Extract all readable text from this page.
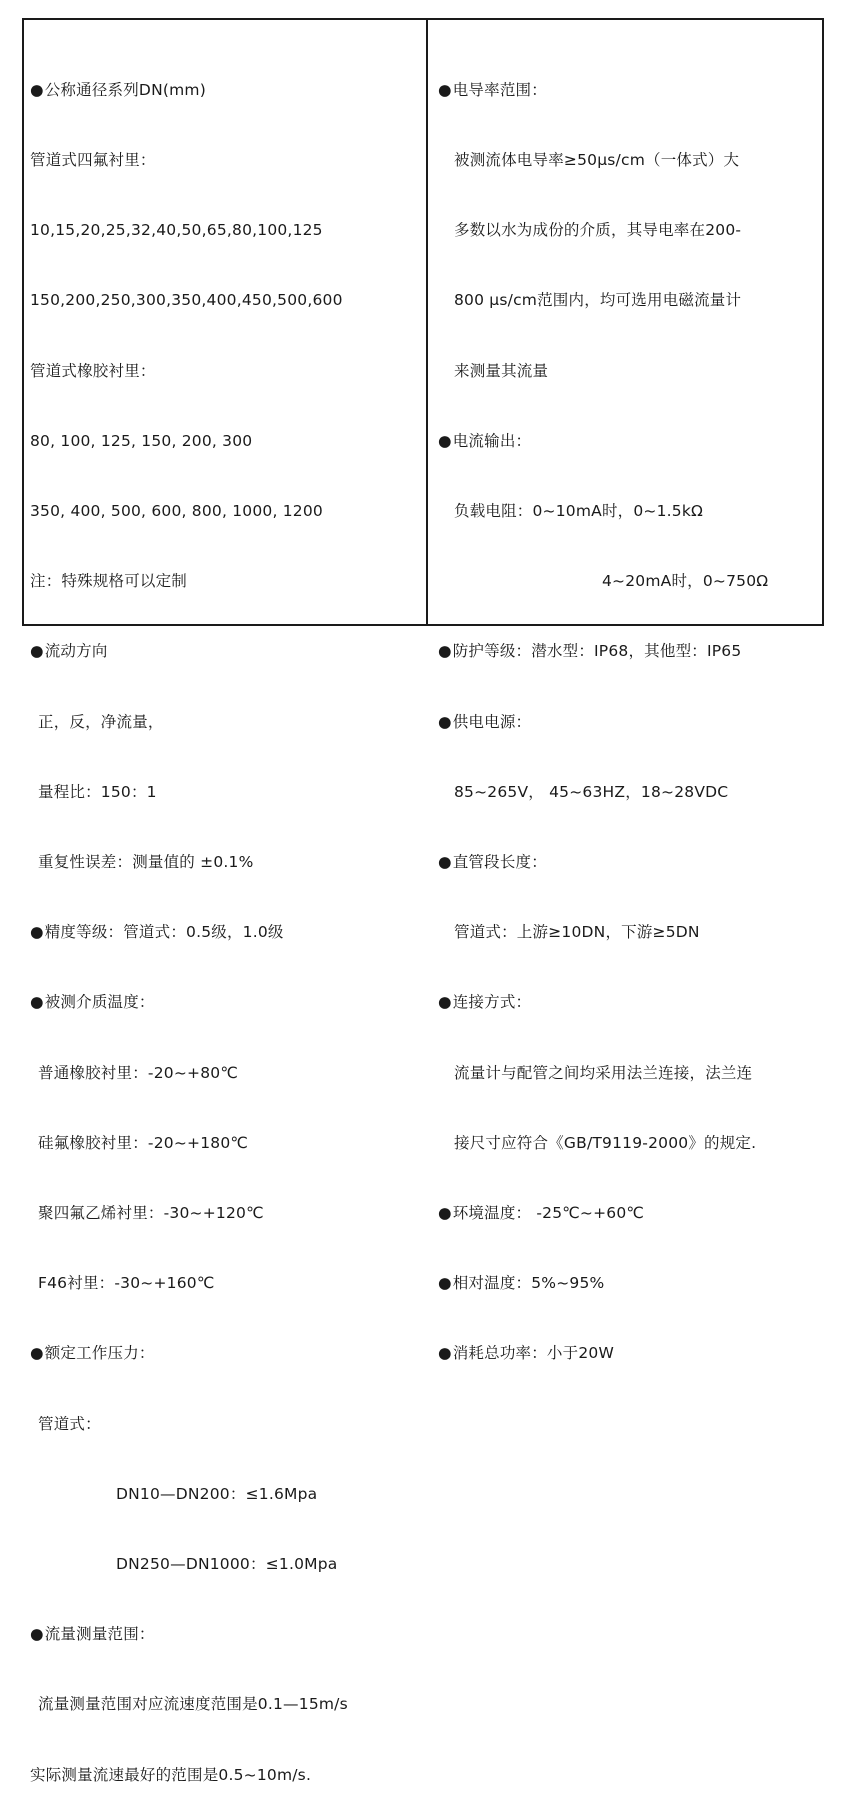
● 公称通径系列DN(mm)

管道式四氟衬里：

10,15,20,25,32,40,50,65,80,100,125

150,200,250,300,350,400,450,500,600

管道式橡胶衬里：

80, 100, 125, 150, 200, 300

350, 400, 500, 600, 800, 1000, 1200

注：特殊规格可以定制

● 流动方向

正，反，净流量，

量程比：150：1

重复性误差：测量值的 ±0.1%

● 精度等级：管道式：0.5级，1.0级

● 被测介质温度：

普通橡胶衬里：-20~+80℃

硅氟橡胶衬里：-20~+180℃

聚四氟乙烯衬里：-30~+120℃

F46衬里：-30~+160℃

● 额定工作压力：

管道式：

DN10—DN200：≤1.6Mpa

DN250—DN1000：≤1.0Mpa

● 流量测量范围：

流量测量范围对应流速度范围是0.1—15m/s

实际测量流速最好的范围是0.5~10m/s.

● 电导率范围：

被测流体电导率≥50μs/cm（一体式）大

多数以水为成份的介质，其导电率在200-

800 μs/cm范围内，均可选用电磁流量计

来测量其流量

● 电流输出：

负载电阻：0~10mA时，0~1.5kΩ

4~20mA时，0~750Ω

● 防护等级：潜水型：IP68，其他型：IP65

● 供电电源：

85~265V， 45~63HZ，18~28VDC

● 直管段长度：

管道式：上游≥10DN，下游≥5DN

● 连接方式：

流量计与配管之间均采用法兰连接，法兰连

接尺寸应符合《GB/T9119-2000》的规定.

● 环境温度： -25℃~+60℃

● 相对温度：5%~95%

● 消耗总功率：小于20W
